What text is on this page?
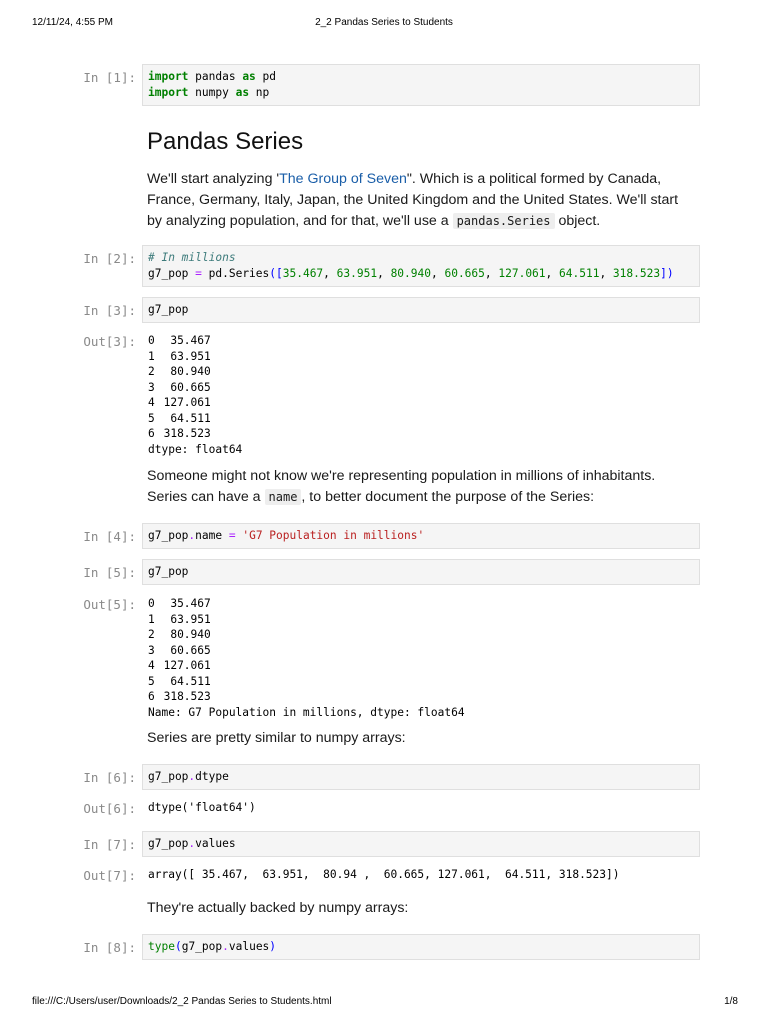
12/11/24, 4:55 PM	2_2 Pandas Series to Students
In [1]:	import pandas as pd
import numpy as np
Pandas Series

We'll start analyzing 'The Group of Seven". Which is a political formed by Canada, France, Germany, Italy, Japan, the United Kingdom and the United States. We'll start by analyzing population, and for that, we'll use a pandas.Series object.

In [2]:	# In millions
g7_pop = pd.Series([35.467, 63.951, 80.940, 60.665, 127.061, 64.511, 318.523])
In [3]:	g7_pop
Out[3]: 0 35.467
1 63.951
2 80.940
3 60.665
4 127.061
5 64.511
6 318.523
dtype: float64

Someone might not know we're representing population in millions of inhabitants. Series can have a name , to better document the purpose of the Series:

In [4]:	g7_pop.name = 'G7 Population in millions'
In [5]:	g7_pop
Out[5]: 0 35.467
1 63.951
2 80.940
3 60.665
4 127.061
5 64.511
6 318.523
Name: G7 Population in millions, dtype: float64

Series are pretty similar to numpy arrays:

In [6]:	g7_pop.dtype
Out[6]: dtype('float64')
In [7]:	g7_pop.values
Out[7]: array([ 35.467,  63.951,  80.94 ,  60.665, 127.061,  64.511, 318.523])

They're actually backed by numpy arrays:

In [8]:	type(g7_pop.values)
file:///C:/Users/user/Downloads/2_2 Pandas Series to Students.html	1/8
